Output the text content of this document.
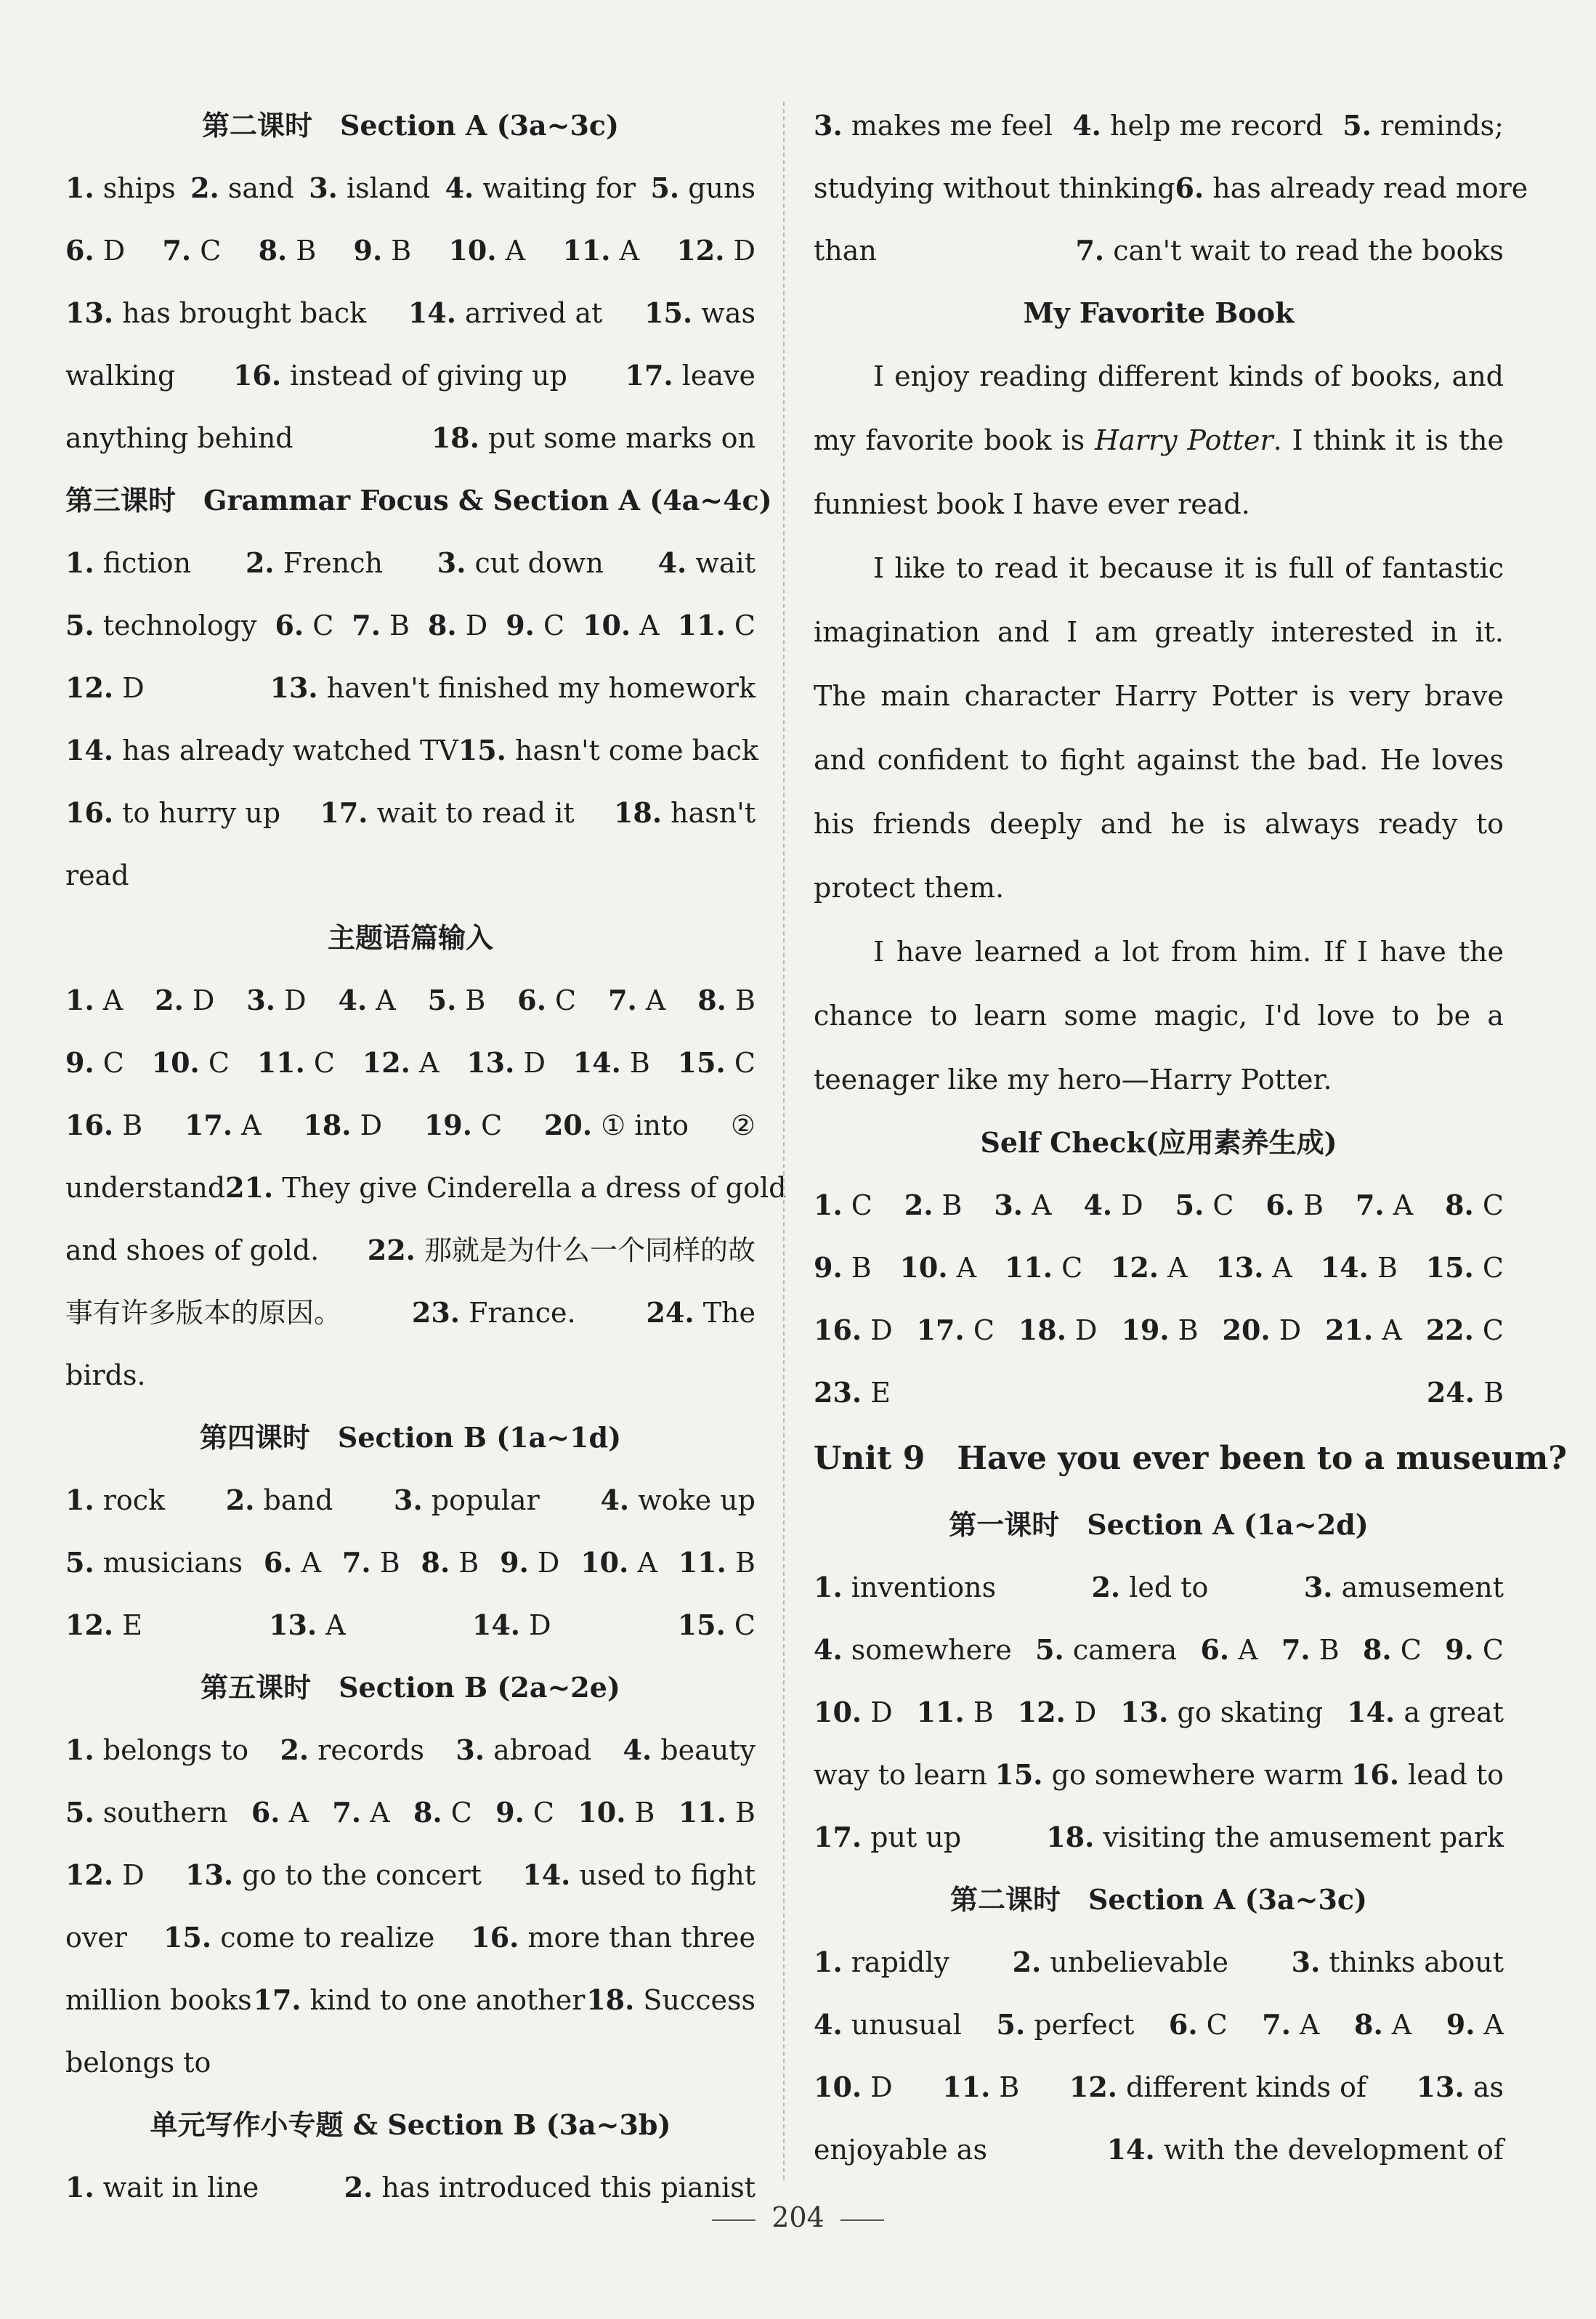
第二课时　Section A (3a~3c)
1. ships 2. sand 3. island 4. waiting for 5. guns
6. D 7. C 8. B 9. B 10. A 11. A 12. D
13. has brought back 14. arrived at 15. was
walking 16. instead of giving up 17. leave
anything behind	18. put some marks on
第三课时　Grammar Focus & Section A (4a~4c)
1. fiction 2. French 3. cut down 4. wait
5. technology 6. C 7. B 8. D 9. C 10. A 11. C
12. D	13. haven't finished my homework
14. has already watched TV 15. hasn't come back
16. to hurry up 17. wait to read it 18. hasn't
read
主题语篇输入
1. A 2. D 3. D 4. A 5. B 6. C 7. A 8. B
9. C 10. C 11. C 12. A 13. D 14. B 15. C
16. B 17. A 18. D 19. C 20. ① into ②
understand 21. They give Cinderella a dress of gold
and shoes of gold. 22. 那就是为什么一个同样的故
事有许多版本的原因。	23. France.	24. The
birds.
第四课时　Section B (1a~1d)
1. rock 2. band 3. popular 4. woke up
5. musicians 6. A 7. B 8. B 9. D 10. A 11. B
12. E	13. A	14. D	15. C
第五课时　Section B (2a~2e)
1. belongs to 2. records 3. abroad 4. beauty
5. southern 6. A 7. A 8. C 9. C 10. B 11. B
12. D 13. go to the concert 14. used to fight
over 15. come to realize 16. more than three
million books 17. kind to one another 18. Success
belongs to
单元写作小专题 & Section B (3a~3b)
1. wait in line	2. has introduced this pianist
3. makes me feel 4. help me record 5. reminds;
studying without thinking 6. has already read more
than	7. can't wait to read the books
My Favorite Book
I enjoy reading different kinds of books, and my favorite book is Harry Potter. I think it is the funniest book I have ever read.
I like to read it because it is full of fantastic imagination and I am greatly interested in it. The main character Harry Potter is very brave and confident to fight against the bad. He loves his friends deeply and he is always ready to protect them.
I have learned a lot from him. If I have the chance to learn some magic, I'd love to be a teenager like my hero—Harry Potter.
Self Check(应用素养生成)
1. C 2. B 3. A 4. D 5. C 6. B 7. A 8. C
9. B 10. A 11. C 12. A 13. A 14. B 15. C
16. D 17. C 18. D 19. B 20. D 21. A 22. C
23. E	24. B
Unit 9　Have you ever been to a museum?
第一课时　Section A (1a~2d)
1. inventions	2. led to	3. amusement
4. somewhere 5. camera 6. A 7. B 8. C 9. C
10. D 11. B 12. D 13. go skating 14. a great
way to learn 15. go somewhere warm 16. lead to
17. put up	18. visiting the amusement park
第二课时　Section A (3a~3c)
1. rapidly 2. unbelievable 3. thinks about
4. unusual 5. perfect 6. C 7. A 8. A 9. A
10. D 11. B 12. different kinds of 13. as
enjoyable as	14. with the development of
204
